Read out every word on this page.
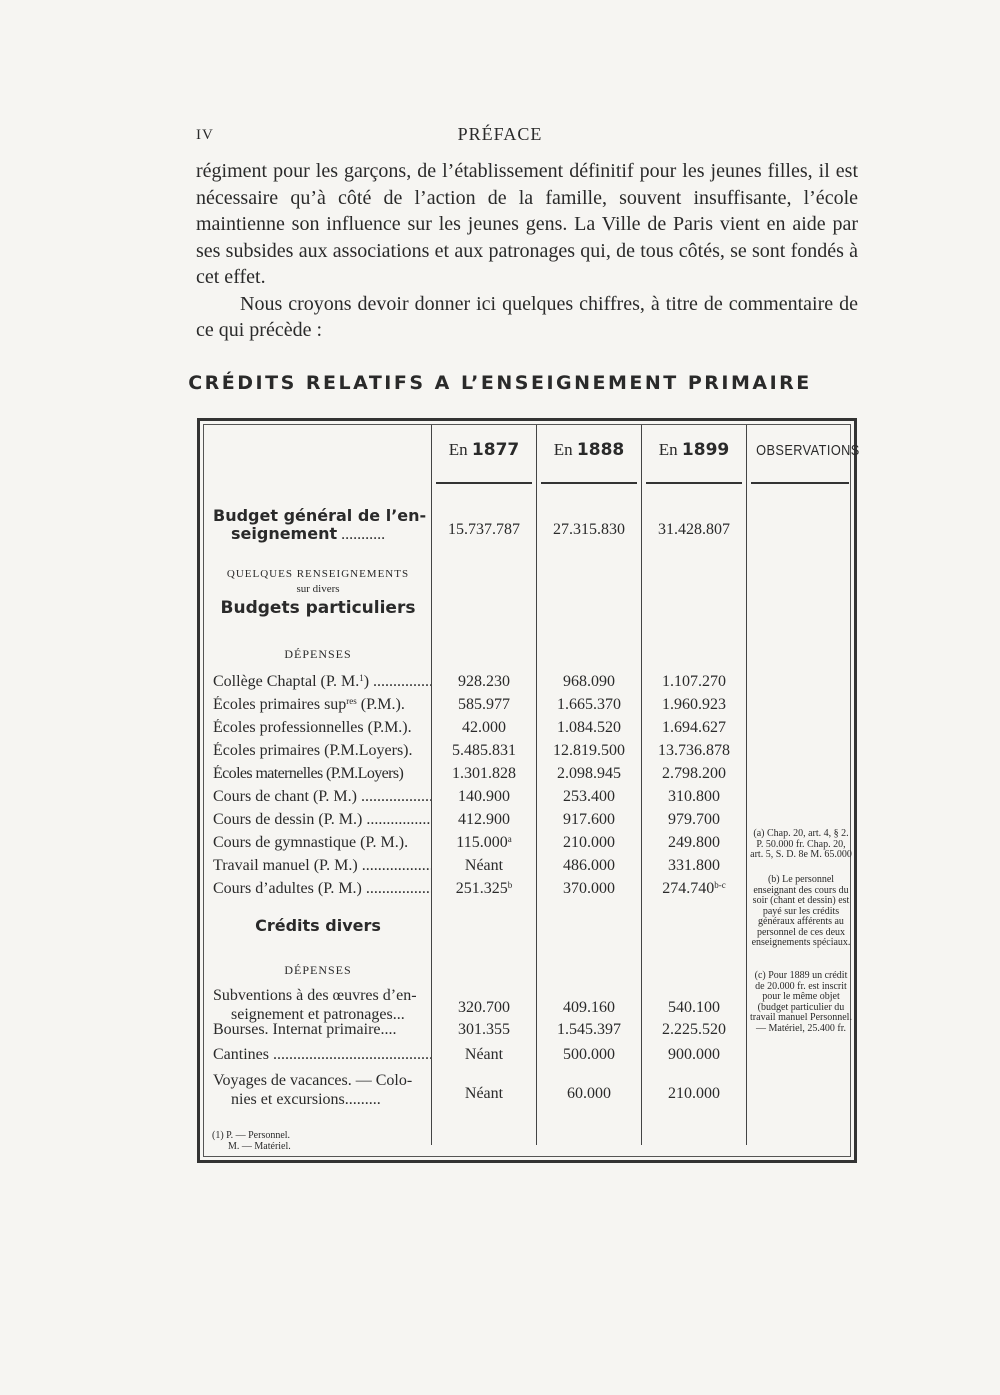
IV	PRÉFACE

régiment pour les garçons, de l’établissement définitif pour les jeunes filles, il est nécessaire qu’à côté de l’action de la famille, souvent insuffisante, l’école maintienne son influence sur les jeunes gens. La Ville de Paris vient en aide par ses subsides aux associations et aux patronages qui, de tous côtés, se sont fondés à cet effet.

Nous croyons devoir donner ici quelques chiffres, à titre de commentaire de ce qui précède :

CRÉDITS RELATIFS A L’ENSEIGNEMENT PRIMAIRE
En 1877	En 1888	En 1899	OBSERVATIONS
Budget général de l’en-
seignement ...........	15.737.787	27.315.830	31.428.807
QUELQUES RENSEIGNEMENTS
sur divers
Budgets particuliers
DÉPENSES
Collège Chaptal (P. M.$^1$) .....	928.230	968.090	1.107.270
Écoles primaires sup$^{res}$ (P.M.).	585.977	1.665.370	1.960.923
Écoles professionnelles (P.M.).	42.000	1.084.520	1.694.627
Écoles primaires (P.M.Loyers).	5.485.831	12.819.500	13.736.878
Écoles maternelles (P.M.Loyers)	1.301.828	2.098.945	2.798.200
Cours de chant (P. M.) .....	140.900	253.400	310.800
Cours de dessin (P. M.) .....	412.900	917.600	979.700
Cours de gymnastique (P. M.).	115.000$^a$	210.000	249.800
Travail manuel (P. M.) .....	Néant	486.000	331.800
Cours d’adultes (P. M.) .....	251.325$^b$	370.000	274.740$^{b-c}$
Crédits divers
DÉPENSES
Subventions à des œuvres d’en-
seignement et patronages...	320.700	409.160	540.100
Bourses. Internat primaire....	301.355	1.545.397	2.225.520
Cantines .....	Néant	500.000	900.000
Voyages de vacances. — Colo-
nies et excursions.........	Néant	60.000	210.000
(a) Chap. 20, art. 4, § 2. P. 50.000 fr. Chap. 20, art. 5, S. D. 8e M. 65.000
(b) Le personnel enseignant des cours du soir (chant et dessin) est payé sur les crédits généraux afférents au personnel de ces deux enseignements spéciaux.
(c) Pour 1889 un crédit de 20.000 fr. est inscrit pour le même objet (budget particulier du travail manuel Personnel. — Matériel, 25.400 fr.
(1) P. — Personnel.
M. — Matériel.
